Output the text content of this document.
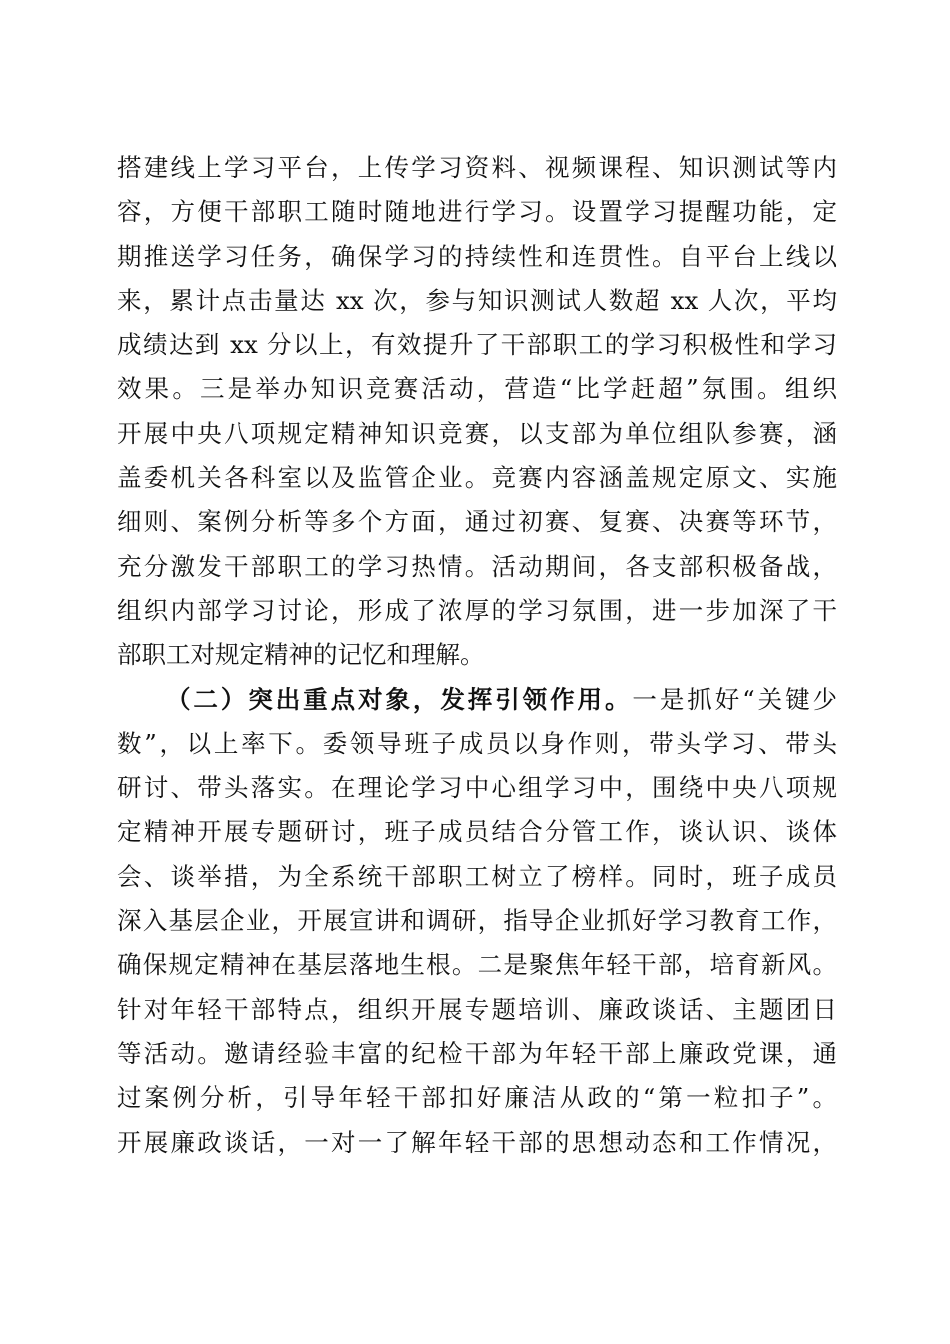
搭建线上学习平台，上传学习资料、视频课程、知识测试等内
容，方便干部职工随时随地进行学习。设置学习提醒功能，定
期推送学习任务，确保学习的持续性和连贯性。自平台上线以
来，累计点击量达 xx 次，参与知识测试人数超 xx 人次，平均
成绩达到 xx 分以上，有效提升了干部职工的学习积极性和学习
效果。三是举办知识竞赛活动，营造“比学赶超”氛围。组织
开展中央八项规定精神知识竞赛，以支部为单位组队参赛，涵
盖委机关各科室以及监管企业。竞赛内容涵盖规定原文、实施
细则、案例分析等多个方面，通过初赛、复赛、决赛等环节，
充分激发干部职工的学习热情。活动期间，各支部积极备战，
组织内部学习讨论，形成了浓厚的学习氛围，进一步加深了干
部职工对规定精神的记忆和理解。
（二）突出重点对象，发挥引领作用。一是抓好“关键少
数”，以上率下。委领导班子成员以身作则，带头学习、带头
研讨、带头落实。在理论学习中心组学习中，围绕中央八项规
定精神开展专题研讨，班子成员结合分管工作，谈认识、谈体
会、谈举措，为全系统干部职工树立了榜样。同时，班子成员
深入基层企业，开展宣讲和调研，指导企业抓好学习教育工作，
确保规定精神在基层落地生根。二是聚焦年轻干部，培育新风。
针对年轻干部特点，组织开展专题培训、廉政谈话、主题团日
等活动。邀请经验丰富的纪检干部为年轻干部上廉政党课，通
过案例分析，引导年轻干部扣好廉洁从政的“第一粒扣子”。
开展廉政谈话，一对一了解年轻干部的思想动态和工作情况，
